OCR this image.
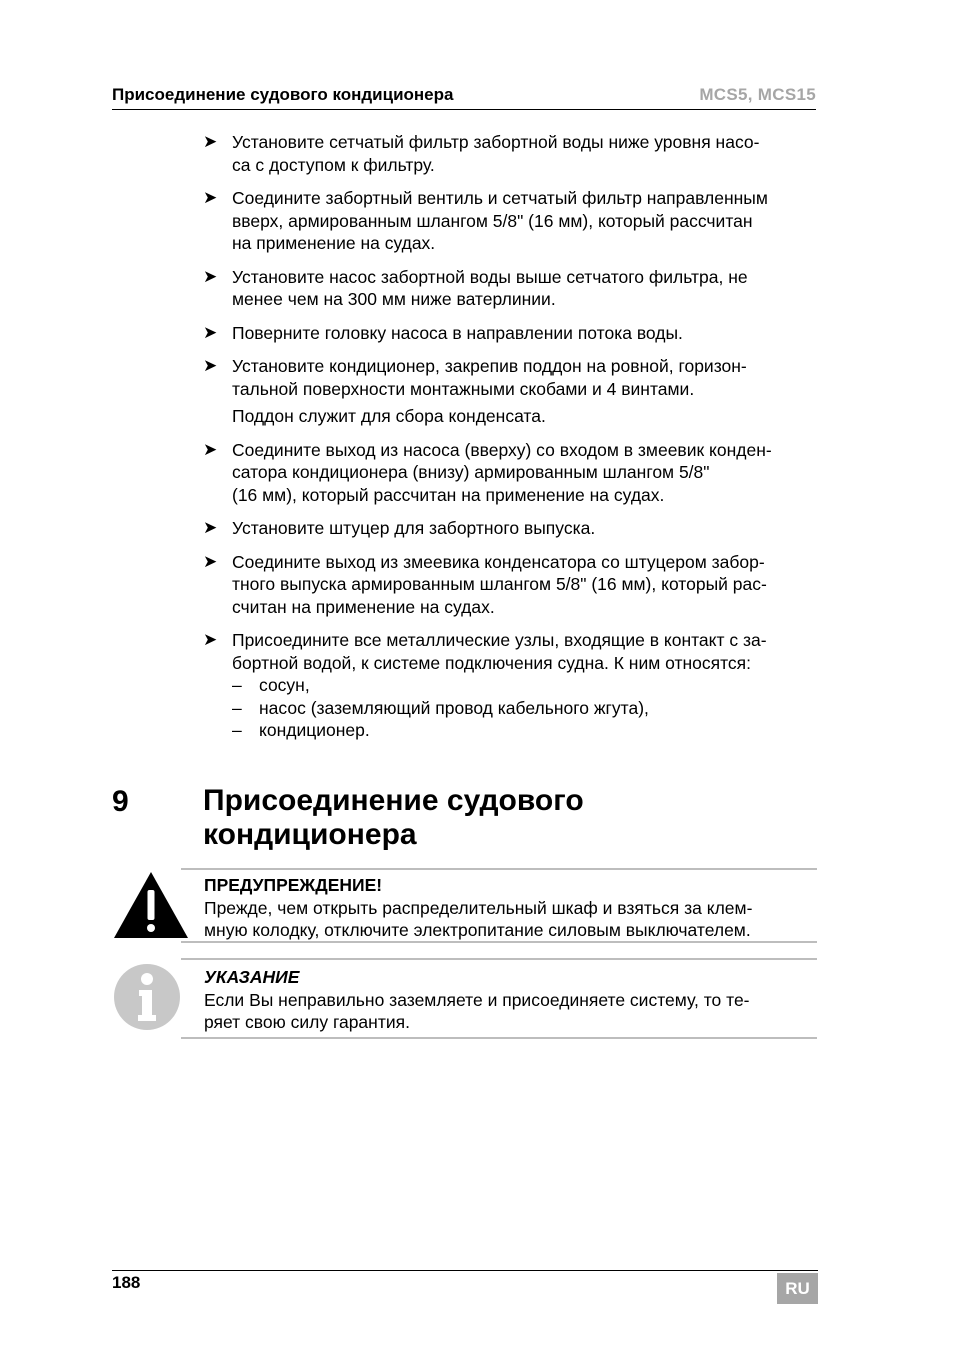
Присоединение судового кондиционера	MCS5, MCS15
➤ Установите сетчатый фильтр забортной воды ниже уровня насо-
са с доступом к фильтру.
➤ Соедините забортный вентиль и сетчатый фильтр направленным
вверх, армированным шлангом 5/8" (16 мм), который рассчитан
на применение на судах.
➤ Установите насос забортной воды выше сетчатого фильтра, не
менее чем на 300 мм ниже ватерлинии.
➤ Поверните головку насоса в направлении потока воды.
➤ Установите кондиционер, закрепив поддон на ровной, горизон-
тальной поверхности монтажными скобами и 4 винтами.
Поддон служит для сбора конденсата.
➤ Соедините выход из насоса (вверху) со входом в змеевик конден-
сатора кондиционера (внизу) армированным шлангом 5/8"
(16 мм), который рассчитан на применение на судах.
➤ Установите штуцер для забортного выпуска.
➤ Соедините выход из змеевика конденсатора со штуцером забор-
тного выпуска армированным шлангом 5/8" (16 мм), который рас-
считан на применение на судах.
➤ Присоедините все металлические узлы, входящие в контакт с за-
бортной водой, к системе подключения судна. К ним относятся:
– сосун,
– насос (заземляющий провод кабельного жгута),
– кондиционер.
9 Присоединение судового кондиционера
ПРЕДУПРЕЖДЕНИЕ!
Прежде, чем открыть распределительный шкаф и взяться за клем-
мную колодку, отключите электропитание силовым выключателем.
УКАЗАНИЕ
Если Вы неправильно заземляете и присоединяете систему, то те-
ряет свою силу гарантия.
188	RU
